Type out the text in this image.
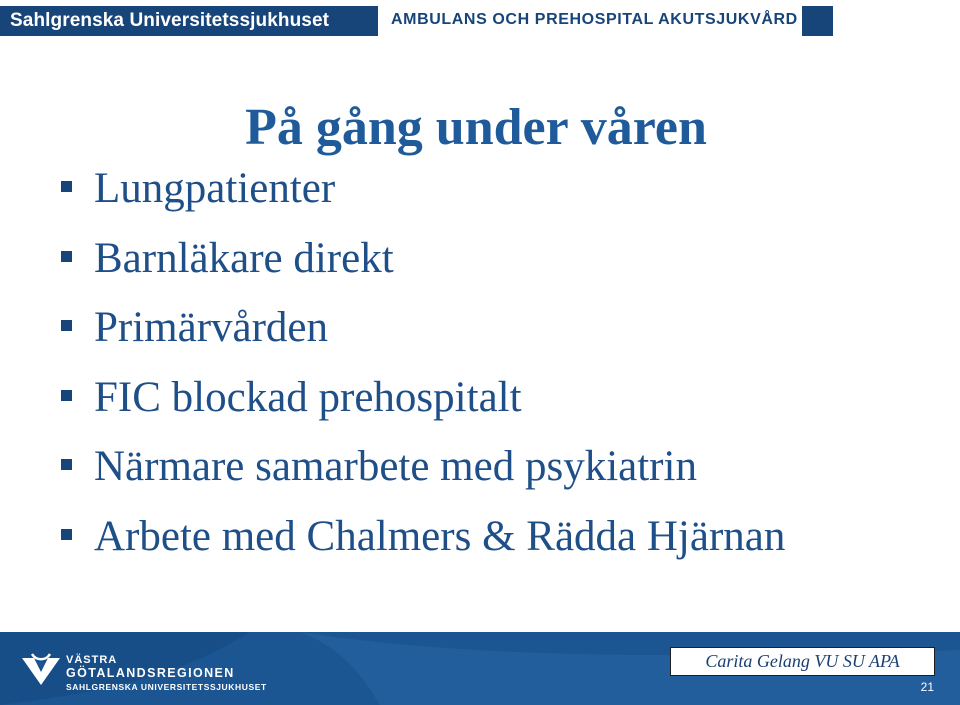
Sahlgrenska Universitetssjukhuset	AMBULANS OCH PREHOSPITAL AKUTSJUKVÅRD
På gång under våren
Lungpatienter
Barnläkare direkt
Primärvården
FIC blockad prehospitalt
Närmare samarbete med psykiatrin
Arbete med Chalmers & Rädda Hjärnan
VÄSTRA
GÖTALANDSREGIONEN
SAHLGRENSKA UNIVERSITETSSJUKHUSET
Carita Gelang VU SU APA
21
